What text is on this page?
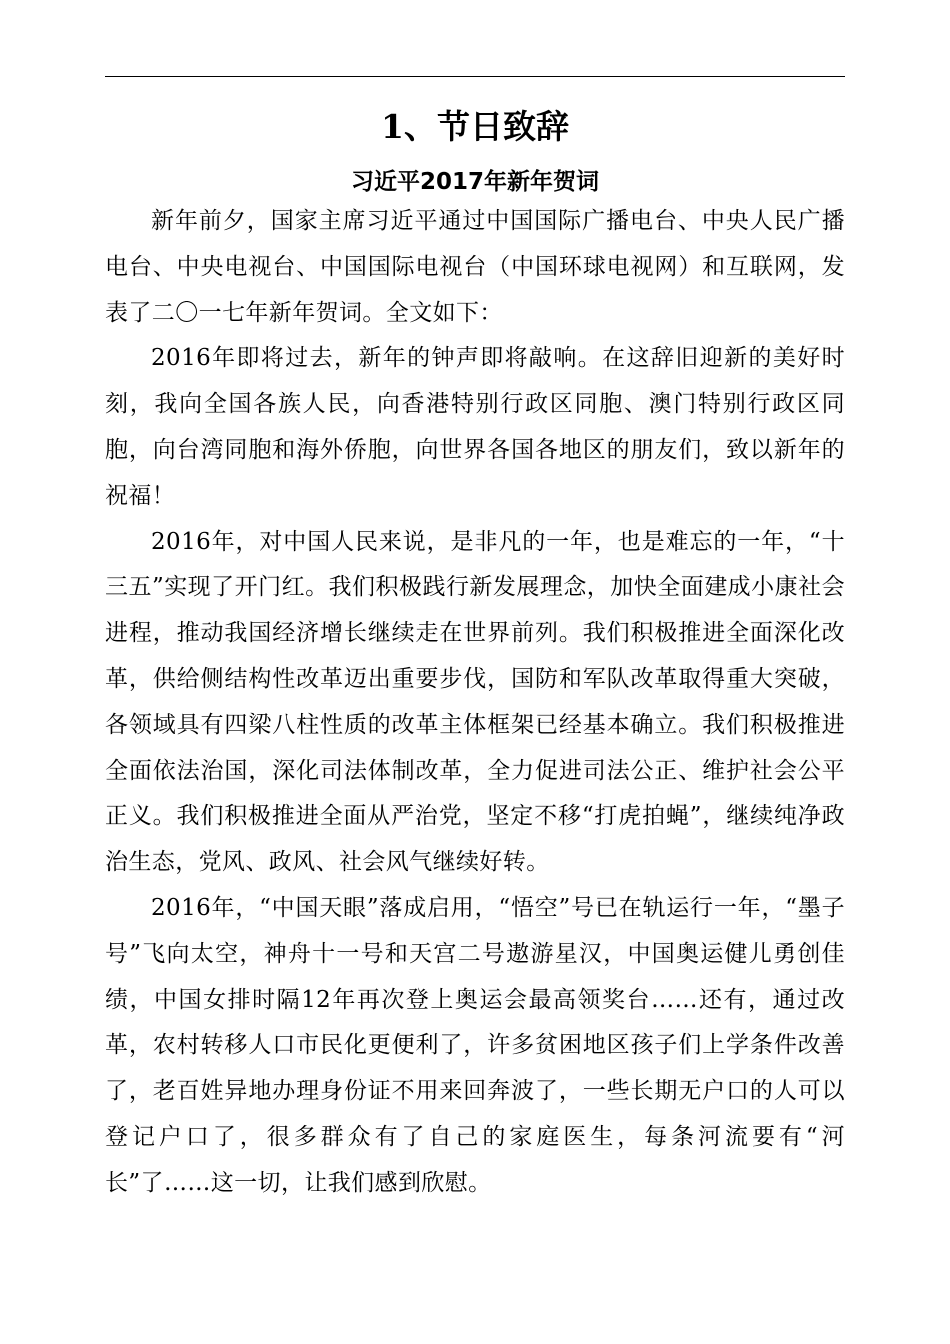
1、节日致辞
习近平2017年新年贺词

新年前夕，国家主席习近平通过中国国际广播电台、中央人民广播电台、中央电视台、中国国际电视台（中国环球电视网）和互联网，发表了二〇一七年新年贺词。全文如下：

2016年即将过去，新年的钟声即将敲响。在这辞旧迎新的美好时刻，我向全国各族人民，向香港特别行政区同胞、澳门特别行政区同胞，向台湾同胞和海外侨胞，向世界各国各地区的朋友们，致以新年的祝福！

2016年，对中国人民来说，是非凡的一年，也是难忘的一年，“十三五”实现了开门红。我们积极践行新发展理念，加快全面建成小康社会进程，推动我国经济增长继续走在世界前列。我们积极推进全面深化改革，供给侧结构性改革迈出重要步伐，国防和军队改革取得重大突破，各领域具有四梁八柱性质的改革主体框架已经基本确立。我们积极推进全面依法治国，深化司法体制改革，全力促进司法公正、维护社会公平正义。我们积极推进全面从严治党，坚定不移“打虎拍蝇”，继续纯净政治生态，党风、政风、社会风气继续好转。

2016年，“中国天眼”落成启用，“悟空”号已在轨运行一年，“墨子号”飞向太空，神舟十一号和天宫二号遨游星汉，中国奥运健儿勇创佳绩，中国女排时隔12年再次登上奥运会最高领奖台……还有，通过改革，农村转移人口市民化更便利了，许多贫困地区孩子们上学条件改善了，老百姓异地办理身份证不用来回奔波了，一些长期无户口的人可以登记户口了，很多群众有了自己的家庭医生，每条河流要有“河长”了……这一切，让我们感到欣慰。
